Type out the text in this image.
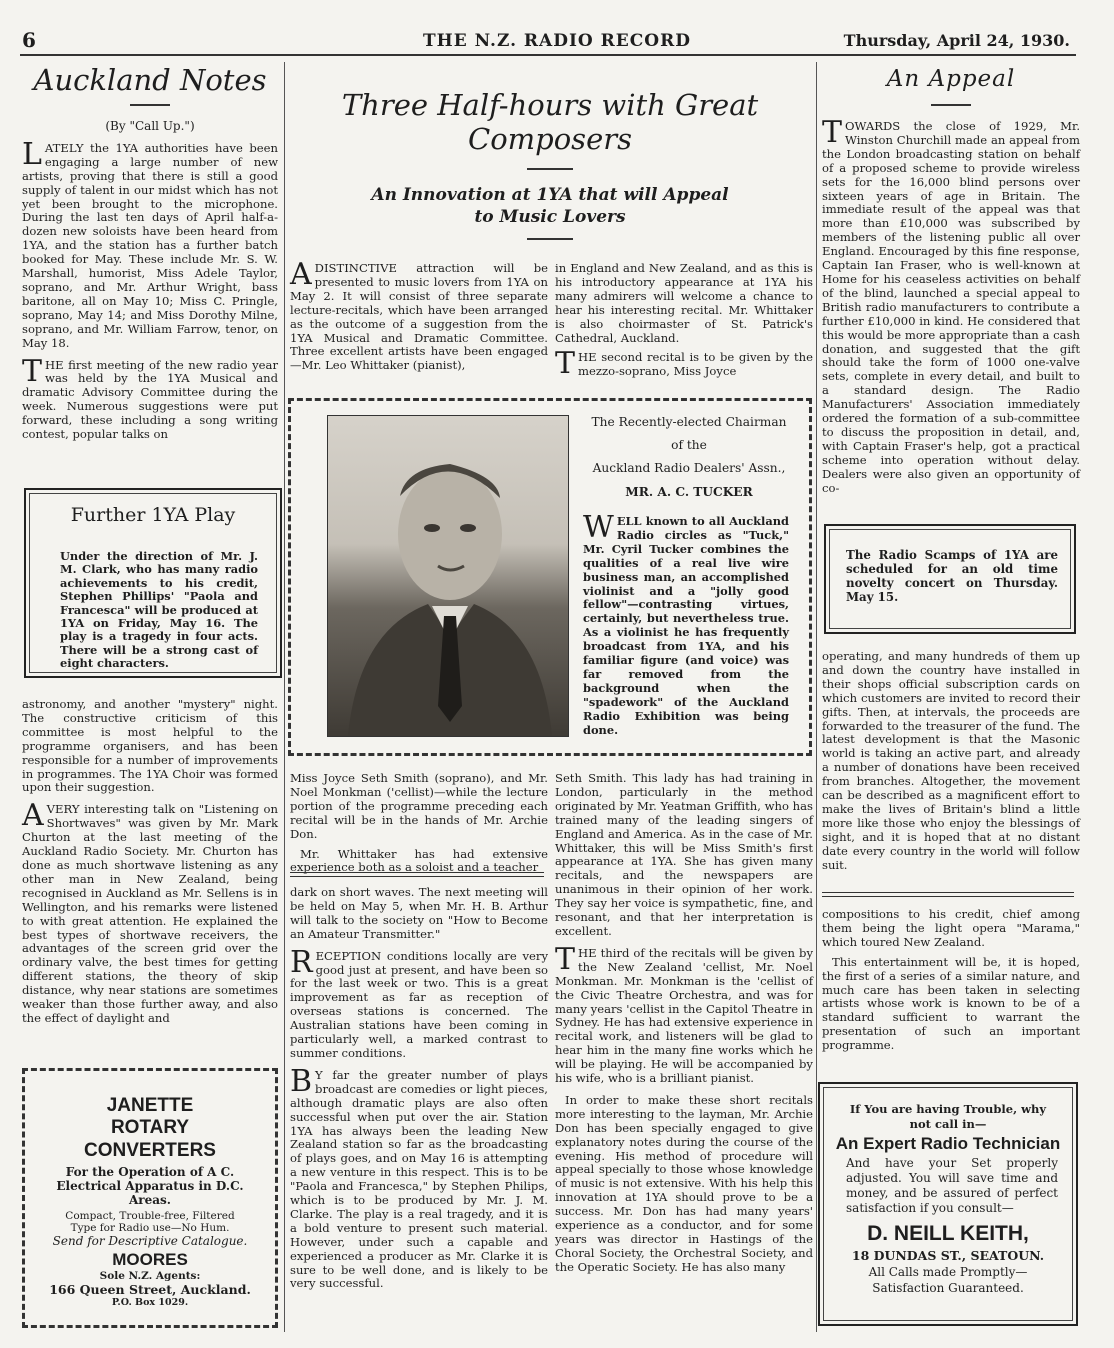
6	THE N.Z. RADIO RECORD	Thursday, April 24, 1930.
Auckland Notes
(By "Call Up.")

LATELY the 1YA authorities have been engaging a large number of new artists, proving that there is still a good supply of talent in our midst which has not yet been brought to the microphone. During the last ten days of April half-a-dozen new soloists have been heard from 1YA, and the station has a further batch booked for May. These include Mr. S. W. Marshall, humorist, Miss Adele Taylor, soprano, and Mr. Arthur Wright, bass baritone, all on May 10; Miss C. Pringle, soprano, May 14; and Miss Dorothy Milne, soprano, and Mr. William Farrow, tenor, on May 18.

THE first meeting of the new radio year was held by the 1YA Musical and dramatic Advisory Committee during the week. Numerous suggestions were put forward, these including a song writing contest, popular talks on

Further 1YA Play
Under the direction of Mr. J. M. Clark, who has many radio achievements to his credit, Stephen Phillips' "Paola and Francesca" will be produced at 1YA on Friday, May 16. The play is a tragedy in four acts. There will be a strong cast of eight characters.

astronomy, and another "mystery" night. The constructive criticism of this committee is most helpful to the programme organisers, and has been responsible for a number of improvements in programmes. The 1YA Choir was formed upon their suggestion.

AVERY interesting talk on "Listening on Shortwaves" was given by Mr. Mark Churton at the last meeting of the Auckland Radio Society. Mr. Churton has done as much shortwave listening as any other man in New Zealand, being recognised in Auckland as Mr. Sellens is in Wellington, and his remarks were listened to with great attention. He explained the best types of shortwave receivers, the advantages of the screen grid over the ordinary valve, the best times for getting different stations, the theory of skip distance, why near stations are sometimes weaker than those further away, and also the effect of daylight and

JANETTE
ROTARY
CONVERTERS
For the Operation of A C.
Electrical Apparatus in D.C.
Areas.
Compact, Trouble-free, Filtered
Type for Radio use—No Hum.
Send for Descriptive Catalogue.
MOORES
Sole N.Z. Agents:
166 Queen Street, Auckland.
P.O. Box 1029.
Three Half-hours with Great Composers
An Innovation at 1YA that will Appeal to Music Lovers

ADISTINCTIVE attraction will be presented to music lovers from 1YA on May 2. It will consist of three separate lecture-recitals, which have been arranged as the outcome of a suggestion from the 1YA Musical and Dramatic Committee. Three excellent artists have been engaged—Mr. Leo Whittaker (pianist),

in England and New Zealand, and as this is his introductory appearance at 1YA his many admirers will welcome a chance to hear his interesting recital. Mr. Whittaker is also choirmaster of St. Patrick's Cathedral, Auckland.

THE second recital is to be given by the mezzo-soprano, Miss Joyce

The Recently-elected Chairman
of the
Auckland Radio Dealers' Assn.,
MR. A. C. TUCKER
WELL known to all Auckland Radio circles as "Tuck," Mr. Cyril Tucker combines the qualities of a real live wire business man, an accomplished violinist and a "jolly good fellow"—contrasting virtues, certainly, but nevertheless true. As a violinist he has frequently broadcast from 1YA, and his familiar figure (and voice) was far removed from the background when the "spadework" of the Auckland Radio Exhibition was being done.

Miss Joyce Seth Smith (soprano), and Mr. Noel Monkman ('cellist)—while the lecture portion of the programme preceding each recital will be in the hands of Mr. Archie Don.

Mr. Whittaker has had extensive experience both as a soloist and a teacher

dark on short waves. The next meeting will be held on May 5, when Mr. H. B. Arthur will talk to the society on "How to Become an Amateur Transmitter."

RECEPTION conditions locally are very good just at present, and have been so for the last week or two. This is a great improvement as far as reception of overseas stations is concerned. The Australian stations have been coming in particularly well, a marked contrast to summer conditions.

B Y far the greater number of plays broadcast are comedies or light pieces, although dramatic plays are also often successful when put over the air. Station 1YA has always been the leading New Zealand station so far as the broadcasting of plays goes, and on May 16 is attempting a new venture in this respect. This is to be "Paola and Francesca," by Stephen Philips, which is to be produced by Mr. J. M. Clarke. The play is a real tragedy, and it is a bold venture to present such material. However, under such a capable and experienced a producer as Mr. Clarke it is sure to be well done, and is likely to be very successful.

Seth Smith. This lady has had training in London, particularly in the method originated by Mr. Yeatman Griffith, who has trained many of the leading singers of England and America. As in the case of Mr. Whittaker, this will be Miss Smith's first appearance at 1YA. She has given many recitals, and the newspapers are unanimous in their opinion of her work. They say her voice is sympathetic, fine, and resonant, and that her interpretation is excellent.

THE third of the recitals will be given by the New Zealand 'cellist, Mr. Noel Monkman. Mr. Monkman is the 'cellist of the Civic Theatre Orchestra, and was for many years 'cellist in the Capitol Theatre in Sydney. He has had extensive experience in recital work, and listeners will be glad to hear him in the many fine works which he will be playing. He will be accompanied by his wife, who is a brilliant pianist.

In order to make these short recitals more interesting to the layman, Mr. Archie Don has been specially engaged to give explanatory notes during the course of the evening. His method of procedure will appeal specially to those whose knowledge of music is not extensive. With his help this innovation at 1YA should prove to be a success. Mr. Don has had many years' experience as a conductor, and for some years was director in Hastings of the Choral Society, the Orchestral Society, and the Operatic Society. He has also many

An Appeal

TOWARDS the close of 1929, Mr. Winston Churchill made an appeal from the London broadcasting station on behalf of a proposed scheme to provide wireless sets for the 16,000 blind persons over sixteen years of age in Britain. The immediate result of the appeal was that more than £10,000 was subscribed by members of the listening public all over England. Encouraged by this fine response, Captain Ian Fraser, who is well-known at Home for his ceaseless activities on behalf of the blind, launched a special appeal to British radio manufacturers to contribute a further £10,000 in kind. He considered that this would be more appropriate than a cash donation, and suggested that the gift should take the form of 1000 one-valve sets, complete in every detail, and built to a standard design. The Radio Manufacturers' Association immediately ordered the formation of a sub-committee to discuss the proposition in detail, and, with Captain Fraser's help, got a practical scheme into operation without delay. Dealers were also given an opportunity of co-

The Radio Scamps of 1YA are scheduled for an old time novelty concert on Thursday. May 15.

operating, and many hundreds of them up and down the country have installed in their shops official subscription cards on which customers are invited to record their gifts. Then, at intervals, the proceeds are forwarded to the treasurer of the fund. The latest development is that the Masonic world is taking an active part, and already a number of donations have been received from branches. Altogether, the movement can be described as a magnificent effort to make the lives of Britain's blind a little more like those who enjoy the blessings of sight, and it is hoped that at no distant date every country in the world will follow suit.

compositions to his credit, chief among them being the light opera "Marama," which toured New Zealand.

This entertainment will be, it is hoped, the first of a series of a similar nature, and much care has been taken in selecting artists whose work is known to be of a standard sufficient to warrant the presentation of such an important programme.

If You are having Trouble, why
not call in—
An Expert Radio Technician
And have your Set properly adjusted. You will save time and money, and be assured of perfect satisfaction if you consult—
D. NEILL KEITH,
18 DUNDAS ST., SEATOUN.
All Calls made Promptly—
Satisfaction Guaranteed.
